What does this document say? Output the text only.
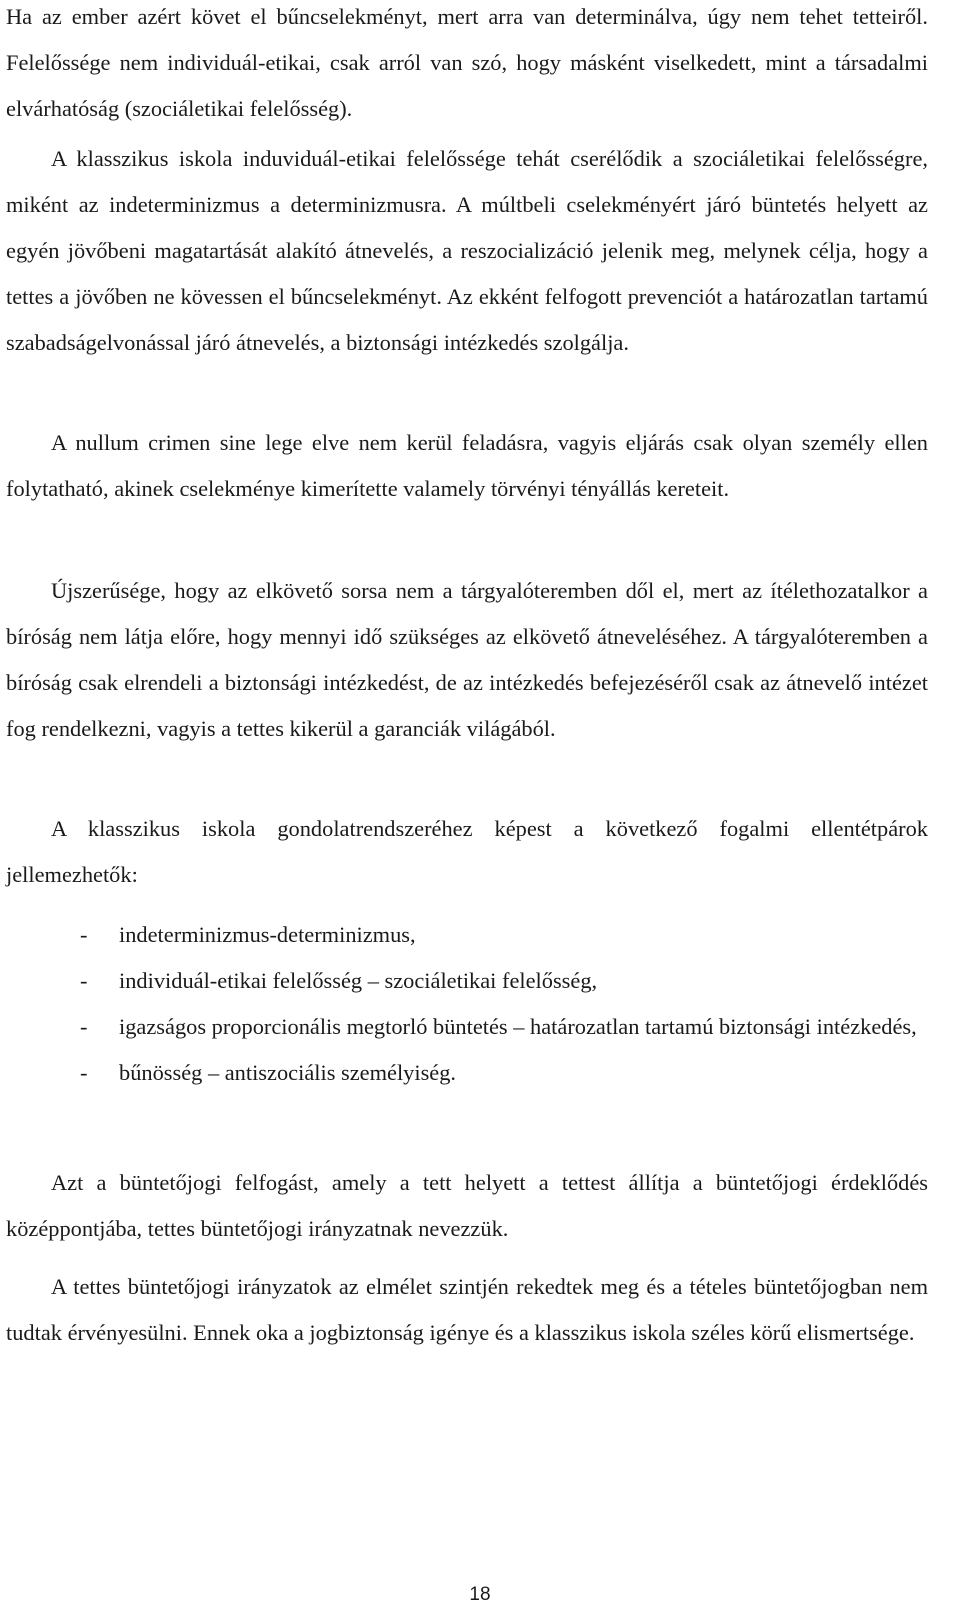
Ha az ember azért követ el bűncselekményt, mert arra van determinálva, úgy nem tehet tetteiről. Felelőssége nem individuál-etikai, csak arról van szó, hogy másként viselkedett, mint a társadalmi elvárhatóság (szociáletikai felelősség).

A klasszikus iskola induviduál-etikai felelőssége tehát cserélődik a szociáletikai felelősségre, miként az indeterminizmus a determinizmusra. A múltbeli cselekményért járó büntetés helyett az egyén jövőbeni magatartását alakító átnevelés, a reszocializáció jelenik meg, melynek célja, hogy a tettes a jövőben ne kövessen el bűncselekményt. Az ekként felfogott prevenciót a határozatlan tartamú szabadságelvonással járó átnevelés, a biztonsági intézkedés szolgálja.

A nullum crimen sine lege elve nem kerül feladásra, vagyis eljárás csak olyan személy ellen folytatható, akinek cselekménye kimerítette valamely törvényi tényállás kereteit.

Újszerűsége, hogy az elkövető sorsa nem a tárgyalóteremben dől el, mert az ítélethozatalkor a bíróság nem látja előre, hogy mennyi idő szükséges az elkövető átneveléséhez. A tárgyalóteremben a bíróság csak elrendeli a biztonsági intézkedést, de az intézkedés befejezéséről csak az átnevelő intézet fog rendelkezni, vagyis a tettes kikerül a garanciák világából.

A klasszikus iskola gondolatrendszeréhez képest a következő fogalmi ellentétpárok jellemezhetők:

- indeterminizmus-determinizmus,
- individuál-etikai felelősség – szociáletikai felelősség,
- igazságos proporcionális megtorló büntetés – határozatlan tartamú biztonsági intézkedés,
- bűnösség – antiszociális személyiség.

Azt a büntetőjogi felfogást, amely a tett helyett a tettest állítja a büntetőjogi érdeklődés középpontjába, tettes büntetőjogi irányzatnak nevezzük.

A tettes büntetőjogi irányzatok az elmélet szintjén rekedtek meg és a tételes büntetőjogban nem tudtak érvényesülni. Ennek oka a jogbiztonság igénye és a klasszikus iskola széles körű elismertsége.

18
